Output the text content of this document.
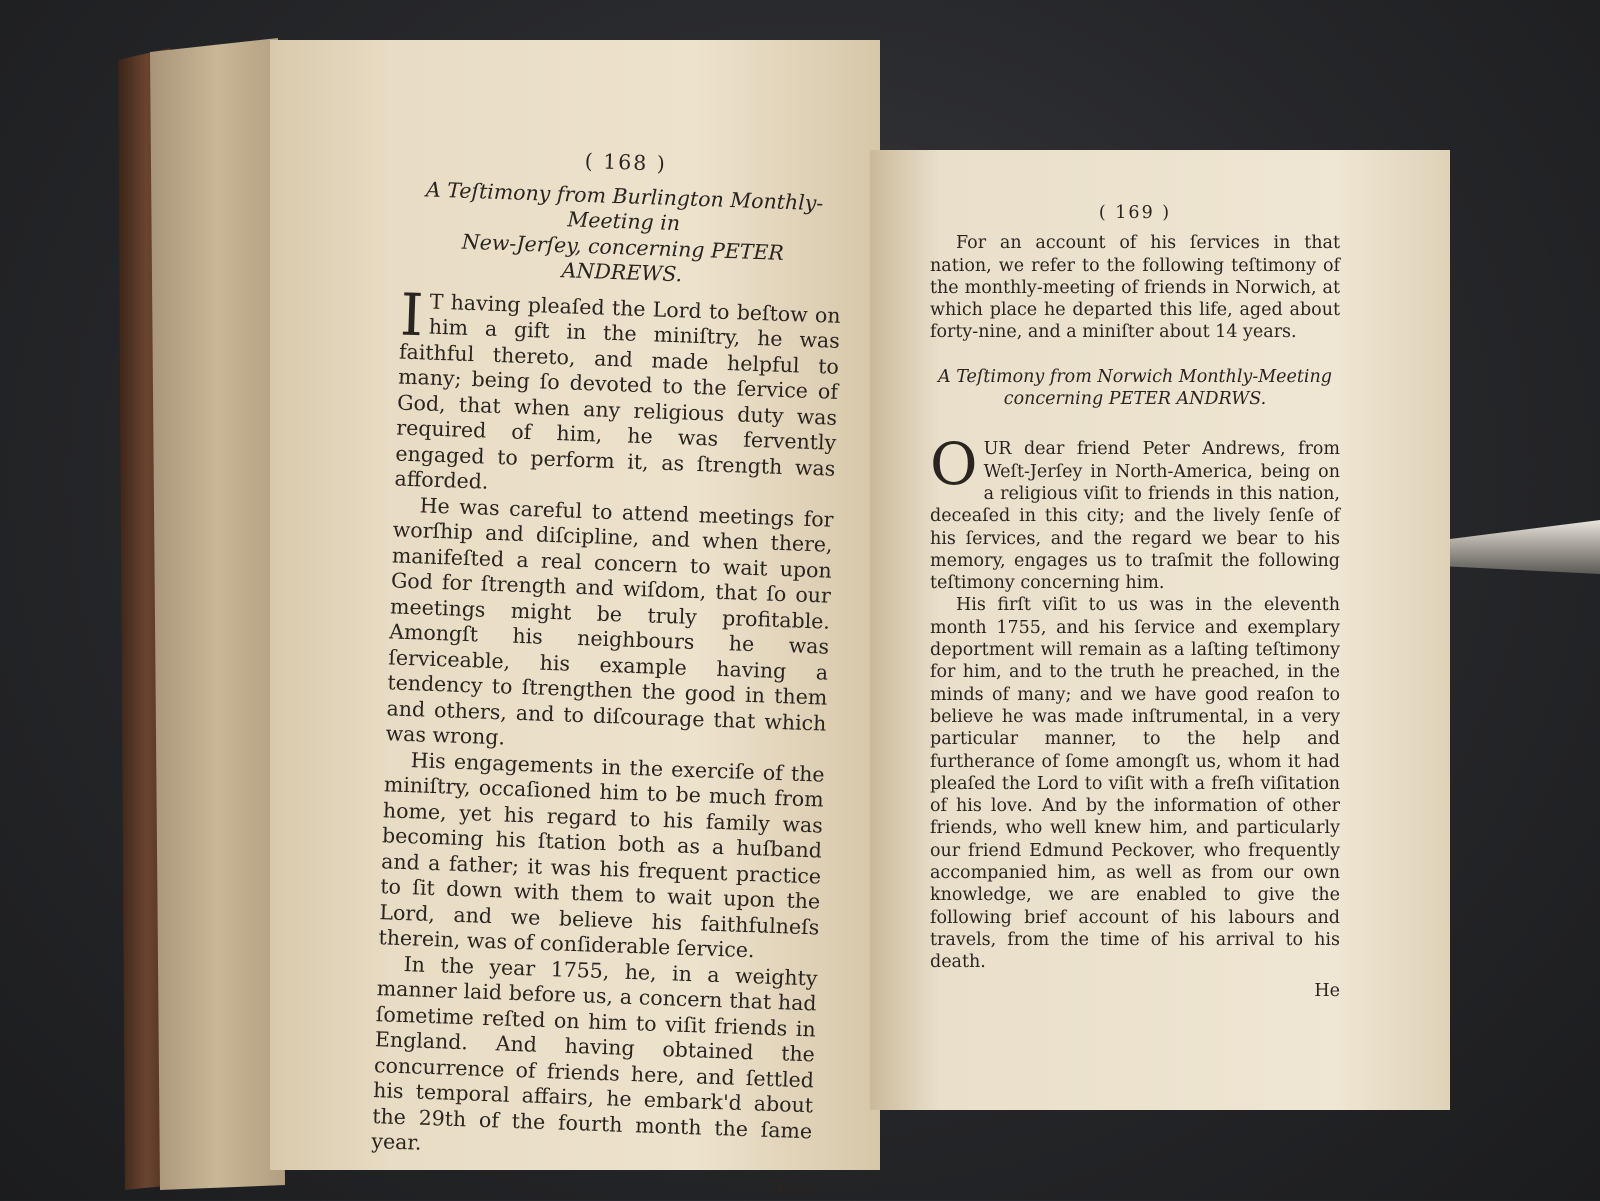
( 168 )
A Teſtimony from Burlington Monthly-Meeting in
New-Jerſey, concerning PETER ANDREWS.

I T having pleaſed the Lord to beſtow on him a gift in the miniſtry, he was faithful thereto, and made helpful to many; being ſo devoted to the ſervice of God, that when any religious duty was required of him, he was fervently engaged to perform it, as ſtrength was afforded.

He was careful to attend meetings for worſhip and diſcipline, and when there, manifeſted a real concern to wait upon God for ſtrength and wiſdom, that ſo our meetings might be truly profitable. Amongſt his neighbours he was ſerviceable, his example having a tendency to ſtrengthen the good in them and others, and to diſcourage that which was wrong.

His engagements in the exerciſe of the miniſtry, occaſioned him to be much from home, yet his regard to his family was becoming his ſtation both as a huſband and a father; it was his frequent practice to ſit down with them to wait upon the Lord, and we believe his faithfulneſs therein, was of conſiderable ſervice.

In the year 1755, he, in a weighty manner laid before us, a concern that had ſometime reſted on him to viſit friends in England. And having obtained the concurrence of friends here, and ſettled his temporal affairs, he embark'd about the 29th of the fourth month the ſame year.

For
( 169 )

For an account of his ſervices in that nation, we refer to the following teſtimony of the monthly-meeting of friends in Norwich, at which place he departed this life, aged about forty-nine, and a miniſter about 14 years.

A Teſtimony from Norwich Monthly-Meeting
concerning PETER ANDRWS.

OUR dear friend Peter Andrews, from Weſt-Jerſey in North-America, being on a religious viſit to friends in this nation, deceaſed in this city; and the lively ſenſe of his ſervices, and the regard we bear to his memory, engages us to traſmit the following teſtimony concerning him.

His firſt viſit to us was in the eleventh month 1755, and his ſervice and exemplary deportment will remain as a laſting teſtimony for him, and to the truth he preached, in the minds of many; and we have good reaſon to believe he was made inſtrumental, in a very particular manner, to the help and furtherance of ſome amongſt us, whom it had pleaſed the Lord to viſit with a freſh viſitation of his love. And by the information of other friends, who well knew him, and particularly our friend Edmund Peckover, who frequently accompanied him, as well as from our own knowledge, we are enabled to give the following brief account of his labours and travels, from the time of his arrival to his death.

He
